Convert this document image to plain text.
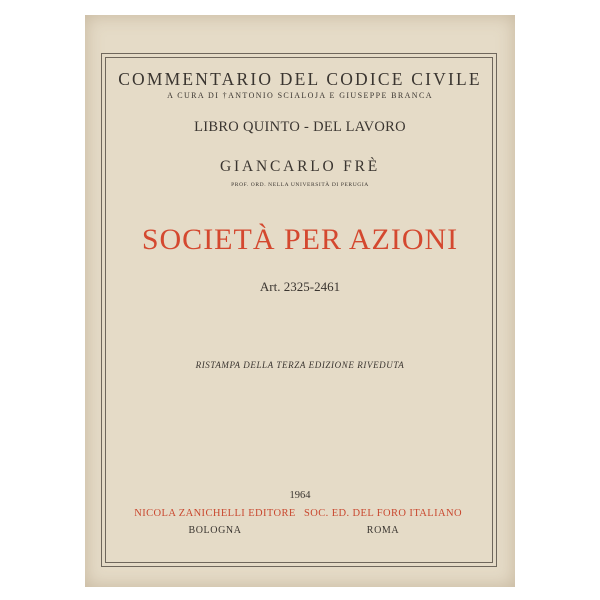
COMMENTARIO DEL CODICE CIVILE
A CURA DI †ANTONIO SCIALOJA E GIUSEPPE BRANCA
LIBRO QUINTO - DEL LAVORO
GIANCARLO FRÈ
PROF. ORD. NELLA UNIVERSITÀ DI PERUGIA
SOCIETÀ PER AZIONI
Art. 2325-2461
RISTAMPA DELLA TERZA EDIZIONE RIVEDUTA
1964
NICOLA ZANICHELLI EDITORE SOC. ED. DEL FORO ITALIANO
BOLOGNA	ROMA
